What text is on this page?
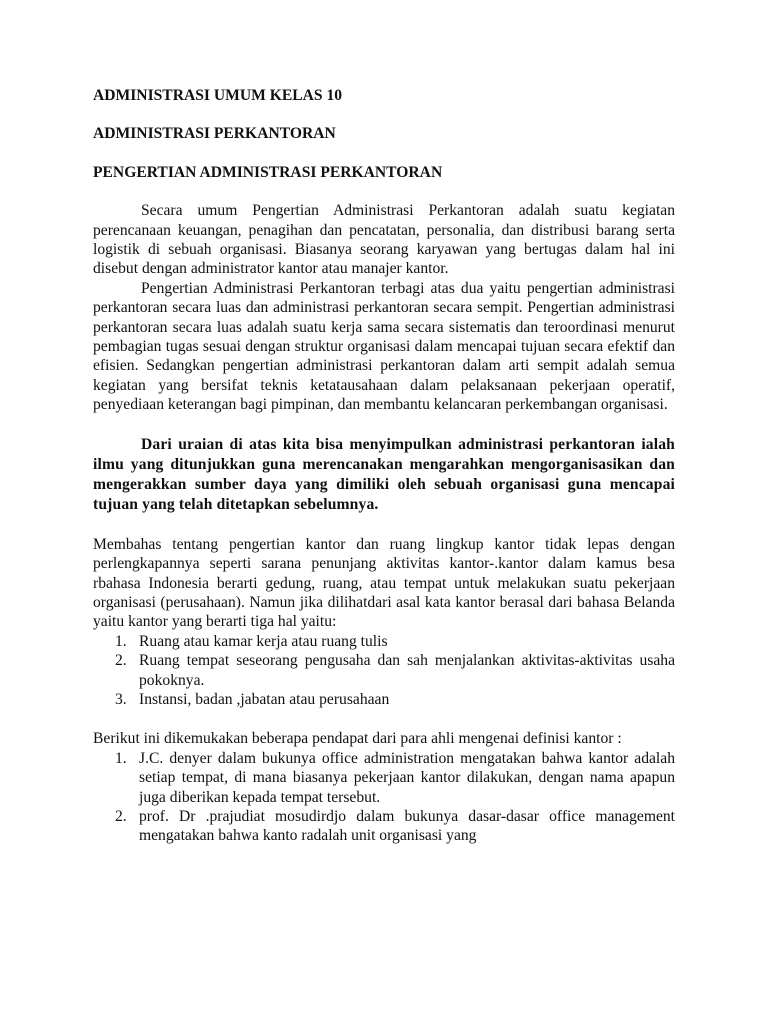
ADMINISTRASI UMUM KELAS 10

ADMINISTRASI PERKANTORAN

PENGERTIAN ADMINISTRASI PERKANTORAN

Secara umum Pengertian Administrasi Perkantoran adalah suatu kegiatan perencanaan keuangan, penagihan dan pencatatan, personalia, dan distribusi barang serta logistik di sebuah organisasi. Biasanya seorang karyawan yang bertugas dalam hal ini disebut dengan administrator kantor atau manajer kantor.

Pengertian Administrasi Perkantoran terbagi atas dua yaitu pengertian administrasi perkantoran secara luas dan administrasi perkantoran secara sempit. Pengertian administrasi perkantoran secara luas adalah suatu kerja sama secara sistematis dan teroordinasi menurut pembagian tugas sesuai dengan struktur organisasi dalam mencapai tujuan secara efektif dan efisien. Sedangkan pengertian administrasi perkantoran dalam arti sempit adalah semua kegiatan yang bersifat teknis ketatausahaan dalam pelaksanaan pekerjaan operatif, penyediaan keterangan bagi pimpinan, dan membantu kelancaran perkembangan organisasi.

Dari uraian di atas kita bisa menyimpulkan administrasi perkantoran ialah ilmu yang ditunjukkan guna merencanakan mengarahkan mengorganisasikan dan mengerakkan sumber daya yang dimiliki oleh sebuah organisasi guna mencapai tujuan yang telah ditetapkan sebelumnya.

Membahas tentang pengertian kantor dan ruang lingkup kantor tidak lepas dengan perlengkapannya seperti sarana penunjang aktivitas kantor-.kantor dalam kamus besa rbahasa Indonesia berarti gedung, ruang, atau tempat untuk melakukan suatu pekerjaan organisasi (perusahaan). Namun jika dilihatdari asal kata kantor berasal dari bahasa Belanda yaitu kantor yang berarti tiga hal yaitu:

1. Ruang atau kamar kerja atau ruang tulis
2. Ruang tempat seseorang pengusaha dan sah menjalankan aktivitas-aktivitas usaha pokoknya.
3. Instansi, badan ,jabatan atau perusahaan

Berikut ini dikemukakan beberapa pendapat dari para ahli mengenai definisi kantor :

1. J.C. denyer dalam bukunya office administration mengatakan bahwa kantor adalah setiap tempat, di mana biasanya pekerjaan kantor dilakukan, dengan nama apapun juga diberikan kepada tempat tersebut.
2. prof. Dr .prajudiat mosudirdjo dalam bukunya dasar-dasar office management mengatakan bahwa kanto radalah unit organisasi yang
